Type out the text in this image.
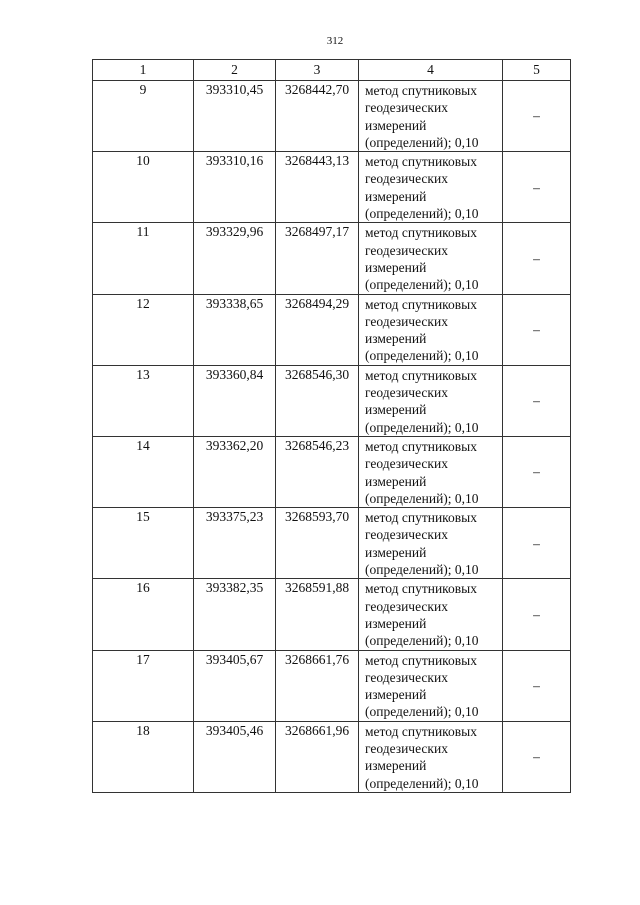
312
1	2	3	4	5
9	393310,45	3268442,70	метод спутниковых
геодезических
измерений
(определений); 0,10	–
10	393310,16	3268443,13	метод спутниковых
геодезических
измерений
(определений); 0,10	–
11	393329,96	3268497,17	метод спутниковых
геодезических
измерений
(определений); 0,10	–
12	393338,65	3268494,29	метод спутниковых
геодезических
измерений
(определений); 0,10	–
13	393360,84	3268546,30	метод спутниковых
геодезических
измерений
(определений); 0,10	–
14	393362,20	3268546,23	метод спутниковых
геодезических
измерений
(определений); 0,10	–
15	393375,23	3268593,70	метод спутниковых
геодезических
измерений
(определений); 0,10	–
16	393382,35	3268591,88	метод спутниковых
геодезических
измерений
(определений); 0,10	–
17	393405,67	3268661,76	метод спутниковых
геодезических
измерений
(определений); 0,10	–
18	393405,46	3268661,96	метод спутниковых
геодезических
измерений
(определений); 0,10	–
